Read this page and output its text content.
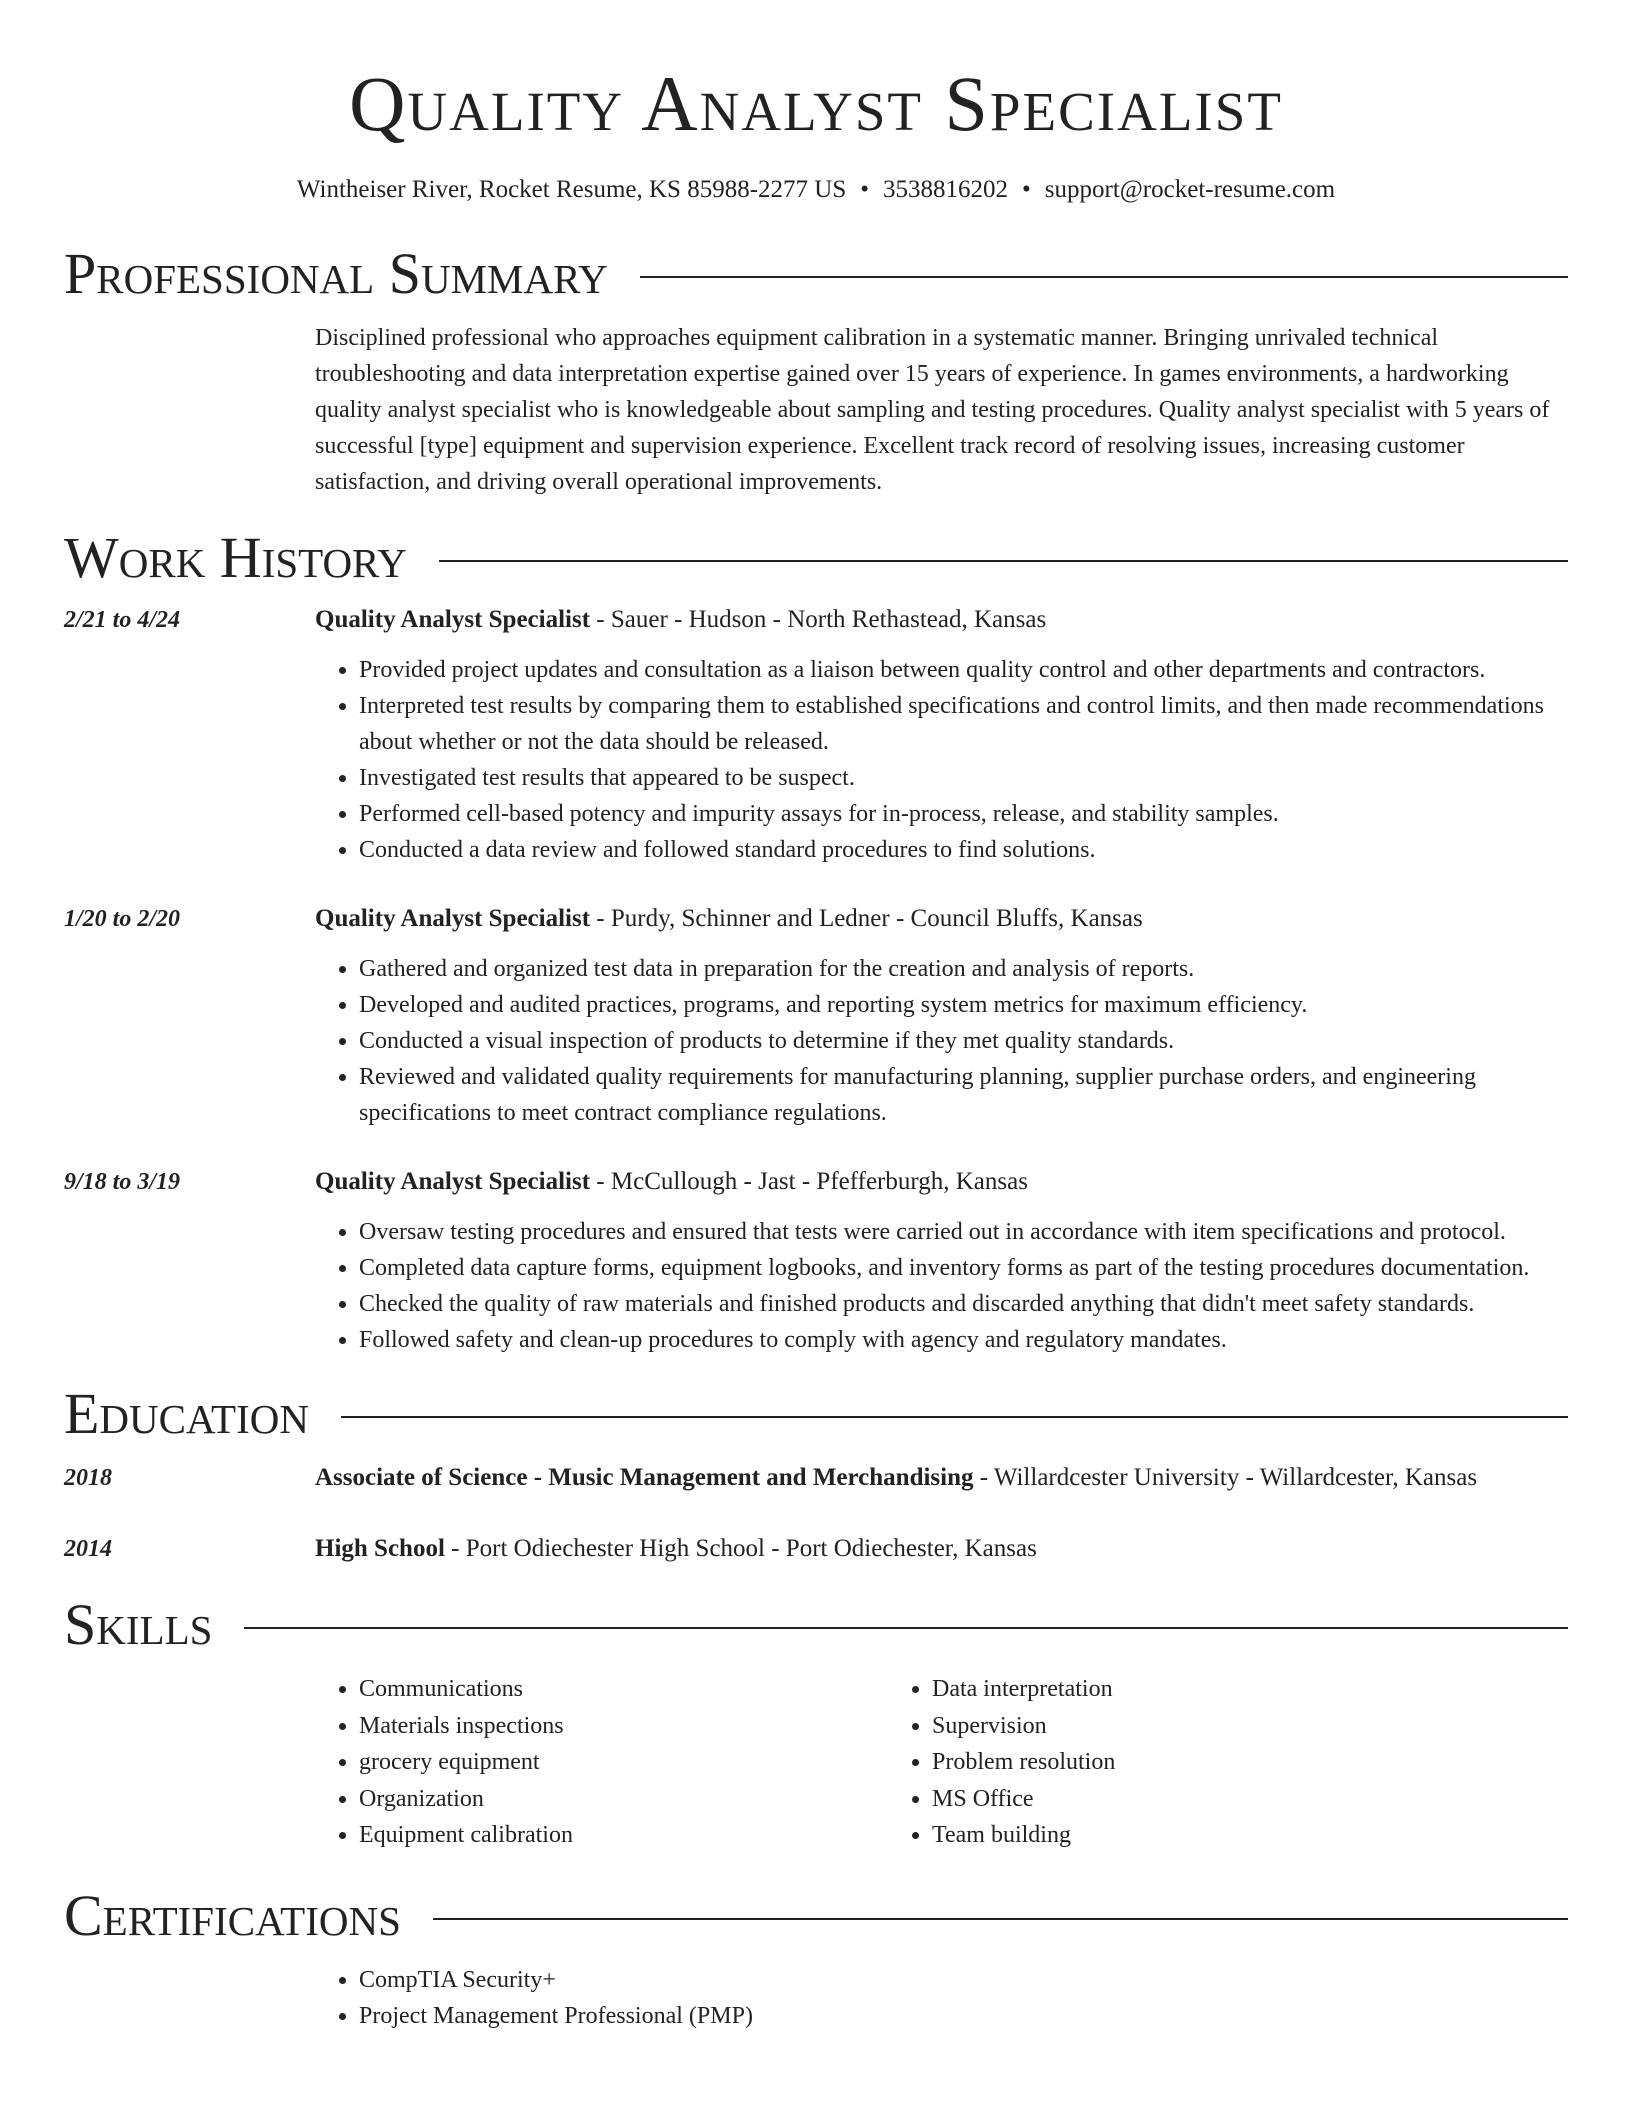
Quality Analyst Specialist
Wintheiser River, Rocket Resume, KS 85988-2277 US • 3538816202 • support@rocket-resume.com
Professional Summary
Disciplined professional who approaches equipment calibration in a systematic manner. Bringing unrivaled technical troubleshooting and data interpretation expertise gained over 15 years of experience. In games environments, a hardworking quality analyst specialist who is knowledgeable about sampling and testing procedures. Quality analyst specialist with 5 years of successful [type] equipment and supervision experience. Excellent track record of resolving issues, increasing customer satisfaction, and driving overall operational improvements.
Work History
2/21 to 4/24	Quality Analyst Specialist - Sauer - Hudson - North Rethastead, Kansas
• Provided project updates and consultation as a liaison between quality control and other departments and contractors.
• Interpreted test results by comparing them to established specifications and control limits, and then made recommendations about whether or not the data should be released.
• Investigated test results that appeared to be suspect.
• Performed cell-based potency and impurity assays for in-process, release, and stability samples.
• Conducted a data review and followed standard procedures to find solutions.
1/20 to 2/20	Quality Analyst Specialist - Purdy, Schinner and Ledner - Council Bluffs, Kansas
• Gathered and organized test data in preparation for the creation and analysis of reports.
• Developed and audited practices, programs, and reporting system metrics for maximum efficiency.
• Conducted a visual inspection of products to determine if they met quality standards.
• Reviewed and validated quality requirements for manufacturing planning, supplier purchase orders, and engineering specifications to meet contract compliance regulations.
9/18 to 3/19	Quality Analyst Specialist - McCullough - Jast - Pfefferburgh, Kansas
• Oversaw testing procedures and ensured that tests were carried out in accordance with item specifications and protocol.
• Completed data capture forms, equipment logbooks, and inventory forms as part of the testing procedures documentation.
• Checked the quality of raw materials and finished products and discarded anything that didn't meet safety standards.
• Followed safety and clean-up procedures to comply with agency and regulatory mandates.
Education
2018	Associate of Science - Music Management and Merchandising - Willardcester University - Willardcester, Kansas
2014	High School - Port Odiechester High School - Port Odiechester, Kansas
Skills
• Communications
• Materials inspections
• grocery equipment
• Organization
• Equipment calibration
• Data interpretation
• Supervision
• Problem resolution
• MS Office
• Team building
Certifications
• CompTIA Security+
• Project Management Professional (PMP)
